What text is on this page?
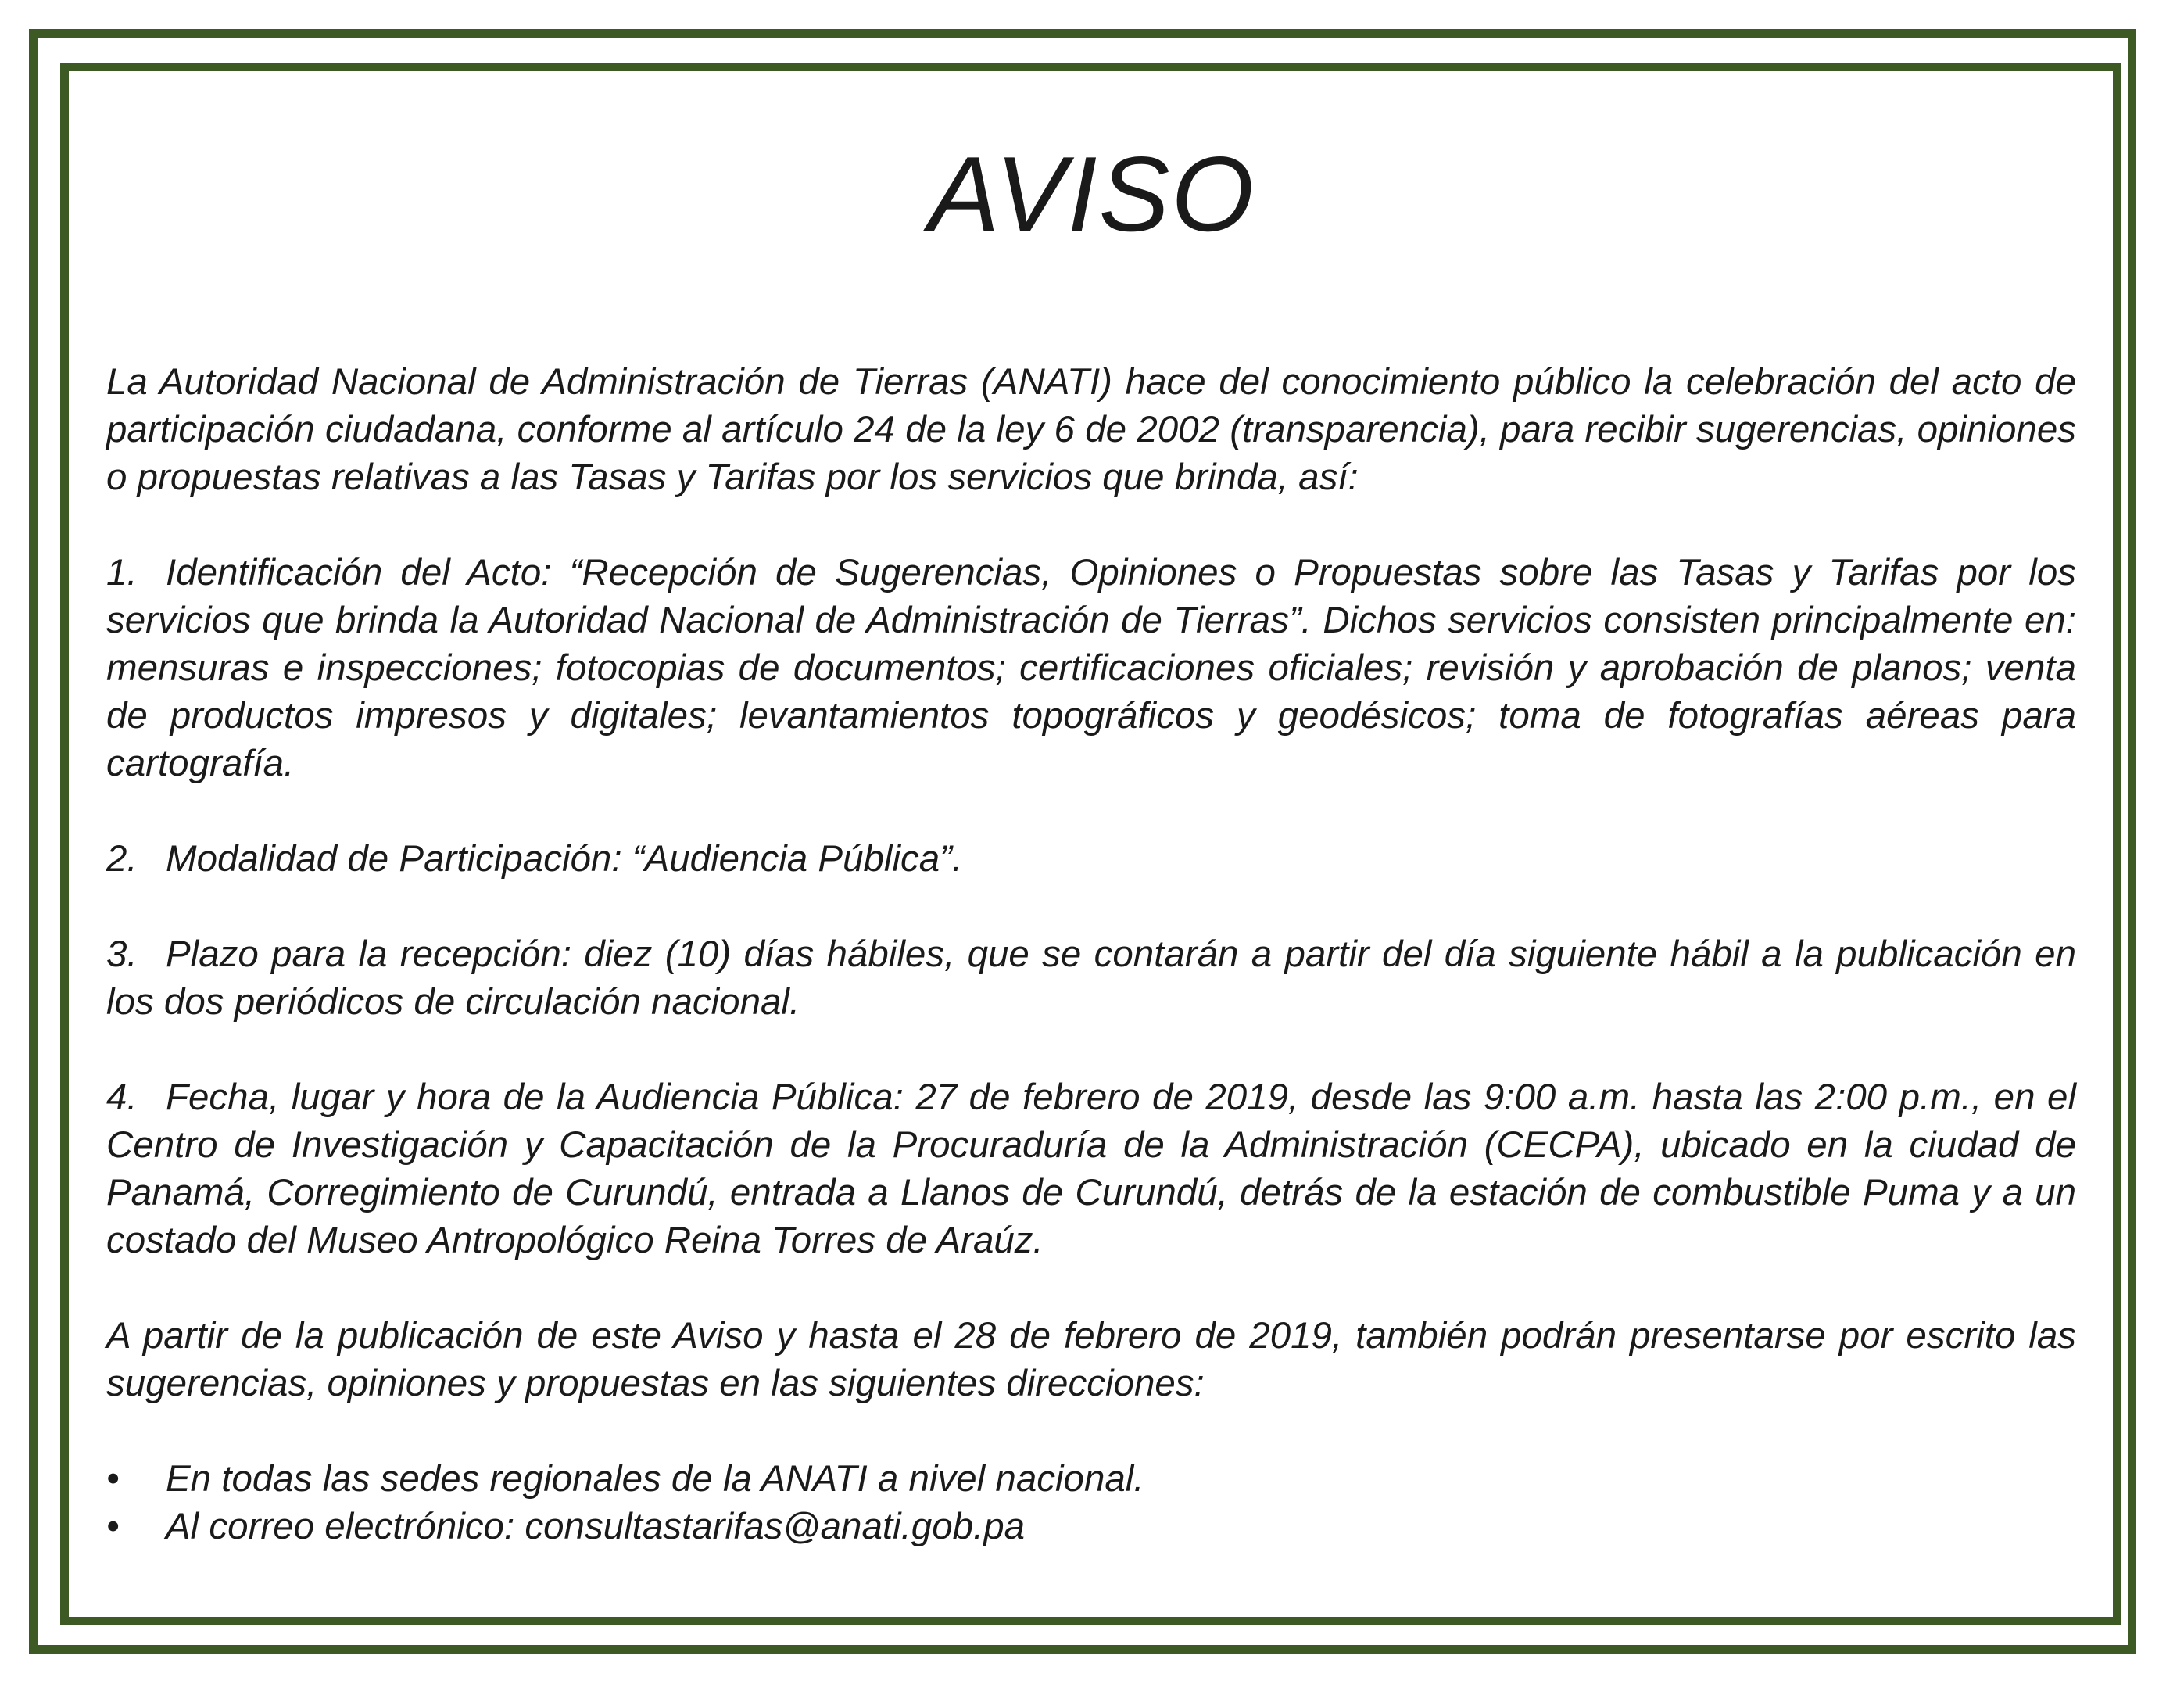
AVISO

La Autoridad Nacional de Administración de Tierras (ANATI) hace del conocimiento público la celebración del acto de participación ciudadana, conforme al artículo 24 de la ley 6 de 2002 (transparencia), para recibir sugerencias, opiniones o propuestas relativas a las Tasas y Tarifas por los servicios que brinda, así:

1. Identificación del Acto: “Recepción de Sugerencias, Opiniones o Propuestas sobre las Tasas y Tarifas por los servicios que brinda la Autoridad Nacional de Administración de Tierras”. Dichos servicios consisten principalmente en: mensuras e inspecciones; fotocopias de documentos; certificaciones oficiales; revisión y aprobación de planos; venta de productos impresos y digitales; levantamientos topográficos y geodésicos; toma de fotografías aéreas para cartografía.

2. Modalidad de Participación: “Audiencia Pública”.

3. Plazo para la recepción: diez (10) días hábiles, que se contarán a partir del día siguiente hábil a la publicación en los dos periódicos de circulación nacional.

4. Fecha, lugar y hora de la Audiencia Pública: 27 de febrero de 2019, desde las 9:00 a.m. hasta las 2:00 p.m., en el Centro de Investigación y Capacitación de la Procuraduría de la Administración (CECPA), ubicado en la ciudad de Panamá, Corregimiento de Curundú, entrada a Llanos de Curundú, detrás de la estación de combustible Puma y a un costado del Museo Antropológico Reina Torres de Araúz.

A partir de la publicación de este Aviso y hasta el 28 de febrero de 2019, también podrán presentarse por escrito las sugerencias, opiniones y propuestas en las siguientes direcciones:

• En todas las sedes regionales de la ANATI a nivel nacional.
• Al correo electrónico: consultastarifas@anati.gob.pa
